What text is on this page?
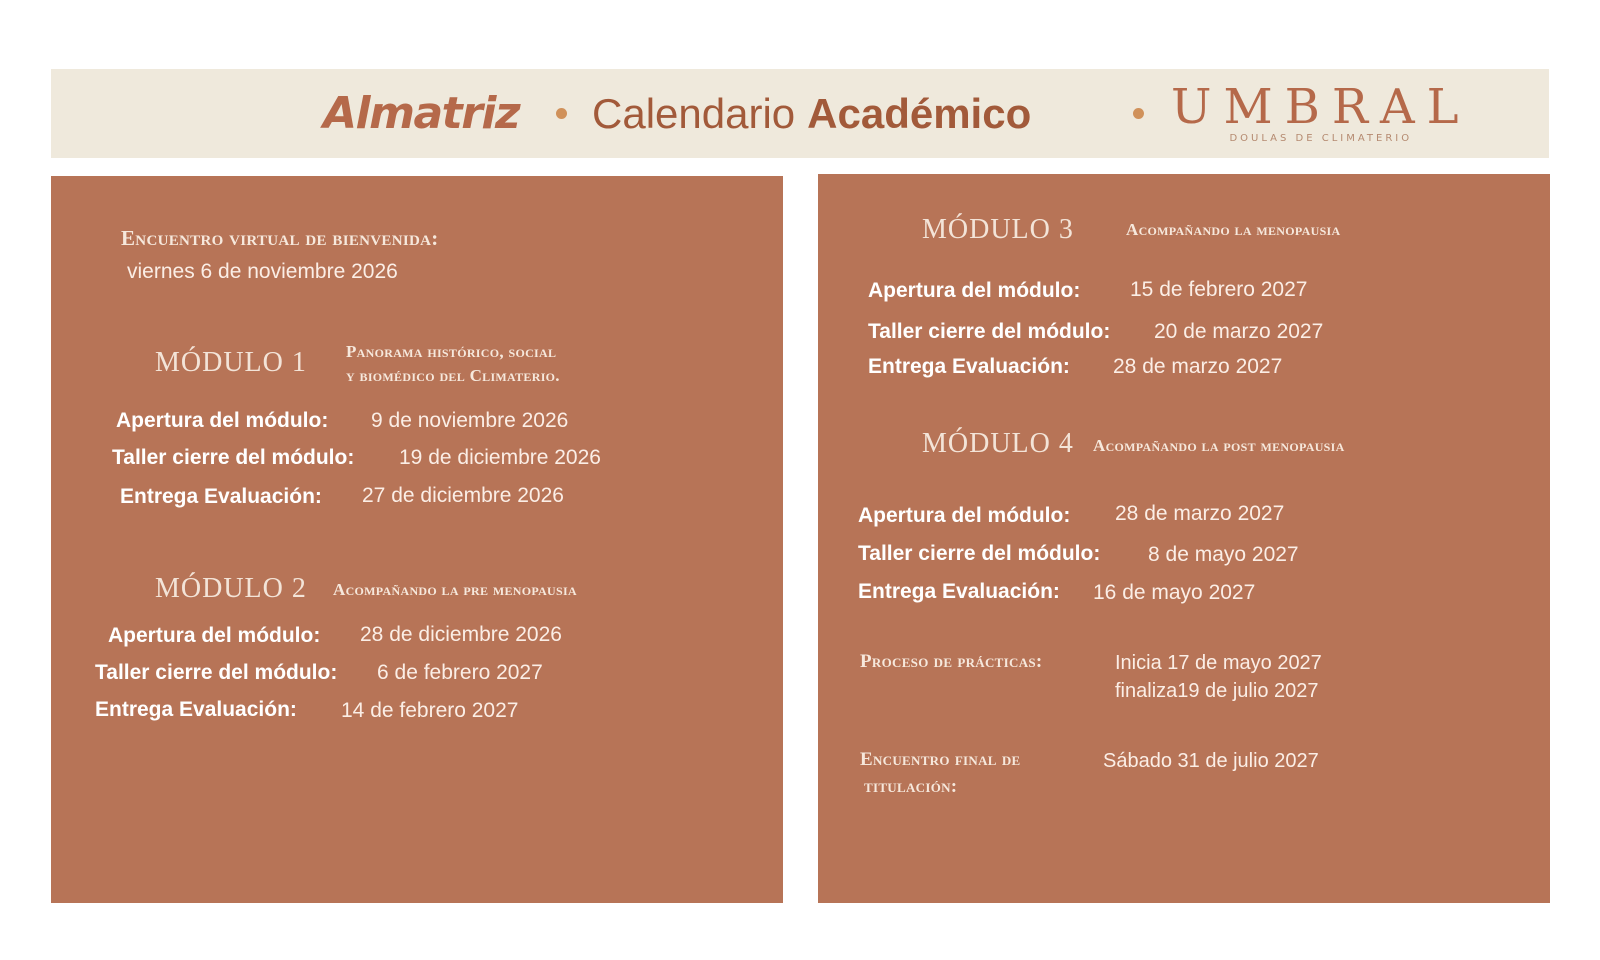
Almatriz Calendario Académico	UMBRAL
DOULAS DE CLIMATERIO
Encuentro virtual de bienvenida:
viernes 6 de noviembre 2026
MÓDULO 1 Panorama histórico, social
y biomédico del Climaterio.
Apertura del módulo: 9 de noviembre 2026
Taller cierre del módulo: 19 de diciembre 2026
Entrega Evaluación: 27 de diciembre 2026
MÓDULO 2 Acompañando la pre menopausia
Apertura del módulo: 28 de diciembre 2026
Taller cierre del módulo: 6 de febrero 2027
Entrega Evaluación: 14 de febrero 2027
MÓDULO 3	Acompañando la menopausia
Apertura del módulo: 15 de febrero 2027
Taller cierre del módulo: 20 de marzo 2027
Entrega Evaluación: 28 de marzo 2027
MÓDULO 4 Acompañando la post menopausia
Apertura del módulo: 28 de marzo 2027
Taller cierre del módulo: 8 de mayo 2027
Entrega Evaluación: 16 de mayo 2027
Proceso de prácticas:	Inicia 17 de mayo 2027
finaliza19 de julio 2027
Encuentro final de
titulación:
Sábado 31 de julio 2027
